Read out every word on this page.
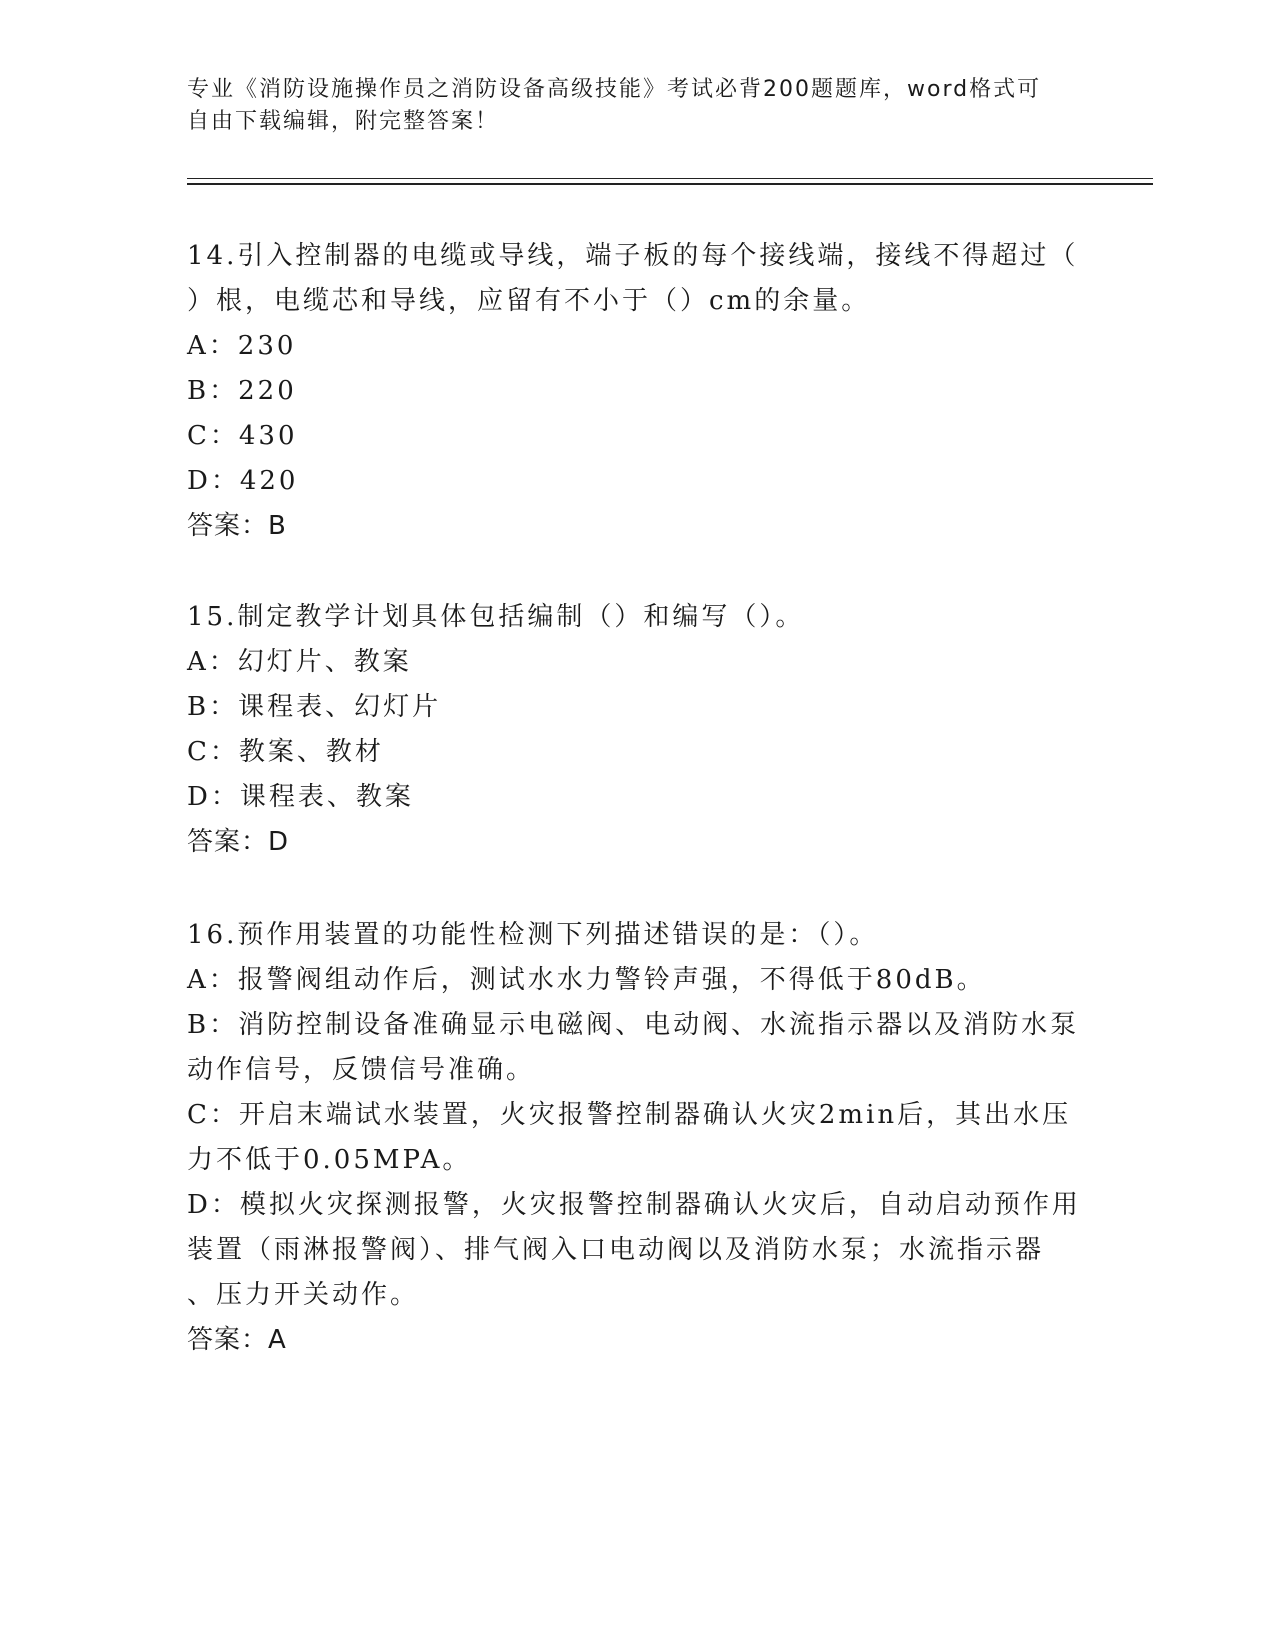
专业《消防设施操作员之消防设备高级技能》考试必背200题题库，word格式可
自由下载编辑，附完整答案！
14.引入控制器的电缆或导线，端子板的每个接线端，接线不得超过（
）根，电缆芯和导线，应留有不小于（）cm的余量。
A：230
B：220
C：430
D：420
答案：B
15.制定教学计划具体包括编制（）和编写（）。
A：幻灯片、教案
B：课程表、幻灯片
C：教案、教材
D：课程表、教案
答案：D
16.预作用装置的功能性检测下列描述错误的是：（）。
A：报警阀组动作后，测试水水力警铃声强，不得低于80dB。
B：消防控制设备准确显示电磁阀、电动阀、水流指示器以及消防水泵
动作信号，反馈信号准确。
C：开启末端试水装置，火灾报警控制器确认火灾2min后，其出水压
力不低于0.05MPA。
D：模拟火灾探测报警，火灾报警控制器确认火灾后，自动启动预作用
装置（雨淋报警阀）、排气阀入口电动阀以及消防水泵；水流指示器
、压力开关动作。
答案：A
